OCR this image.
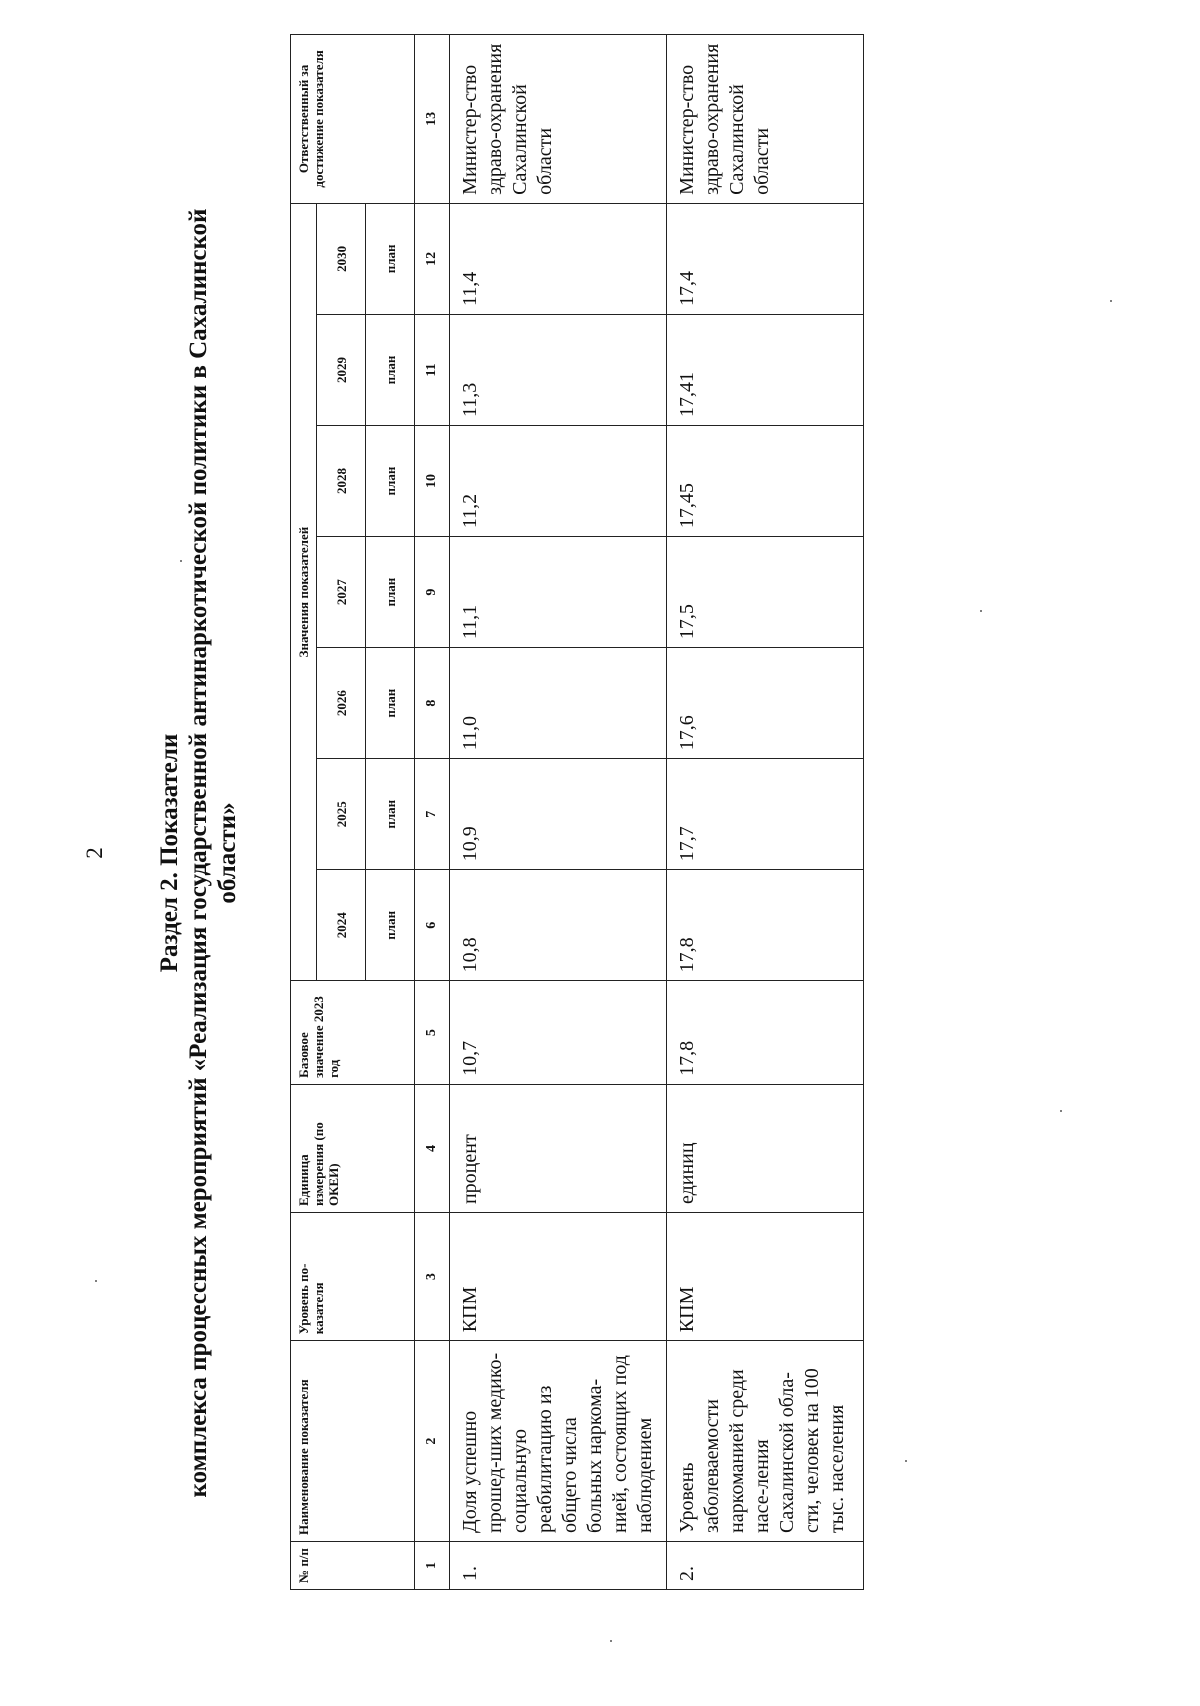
2 Раздел 2. Показатели комплекса процессных мероприятий «Реализация государственной антинаркотической политики в Сахалинской области»
№ п/п	Наименование показателя	Уровень по-казателя	Единица измерения (по ОКЕИ)	Базовое значение 2023 год	Значения показателей							Ответственный за достижение показателя
					2024	2025	2026	2027	2028	2029	2030	
					план	план	план	план	план	план	план	
1	2	3	4	5	6	7	8	9	10	11	12	13
1.	Доля успешно прошед-ших медико-социальную реабилитацию из общего числа больных наркома-нией, состоящих под наблюдением	КПМ	процент	10,7	10,8	10,9	11,0	11,1	11,2	11,3	11,4	Министер-ство здраво-охранения Сахалинской области
2.	Уровень заболеваемости наркоманией среди насе-ления Сахалинской обла-сти, человек на 100 тыс. населения	КПМ	единиц	17,8	17,8	17,7	17,6	17,5	17,45	17,41	17,4	Министер-ство здраво-охранения Сахалинской области
